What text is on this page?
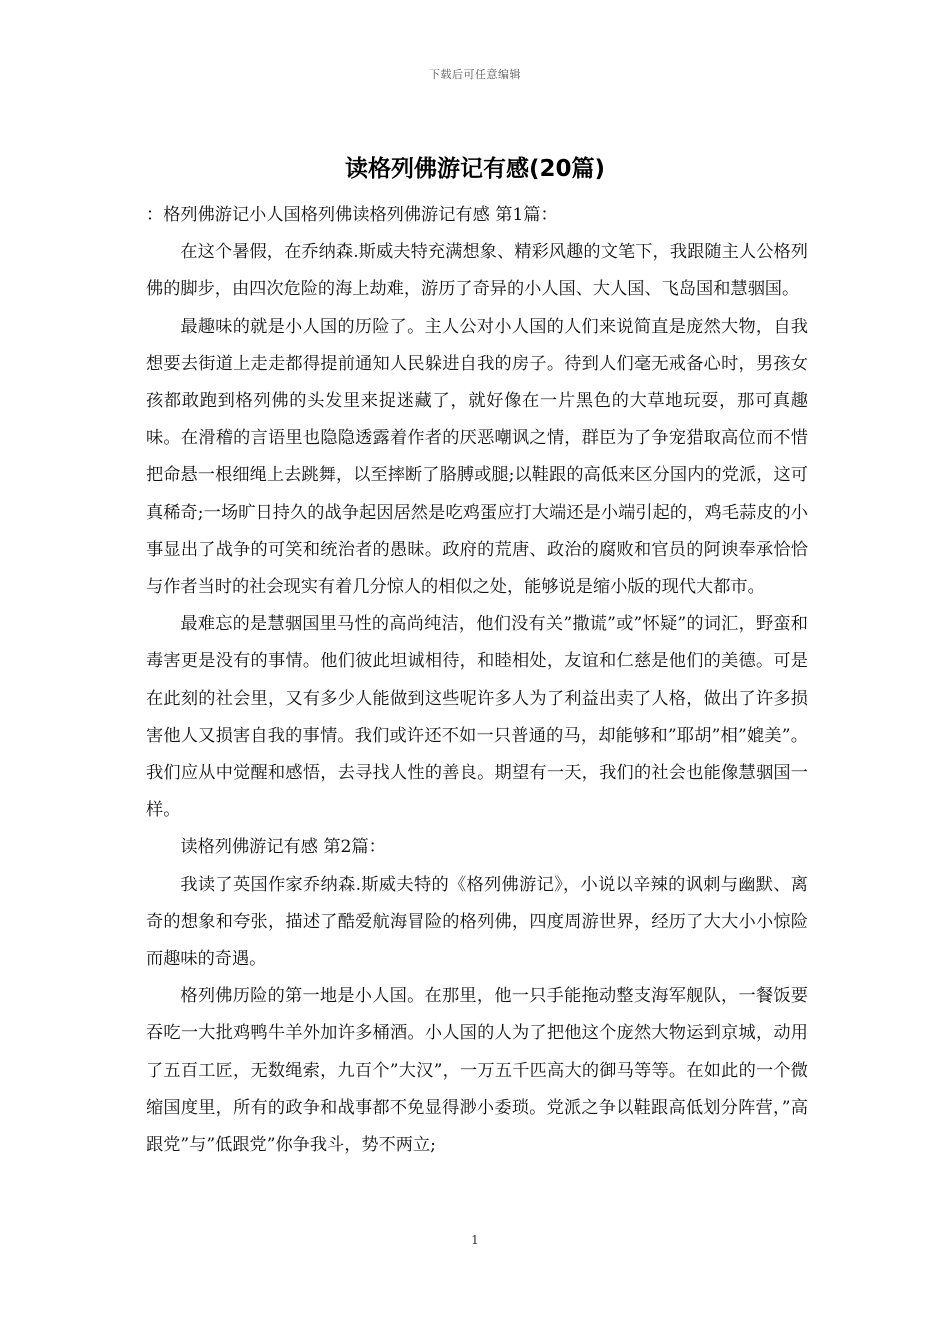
下载后可任意编辑
读格列佛游记有感(20篇)

：格列佛游记小人国格列佛读格列佛游记有感 第1篇：

在这个暑假，在乔纳森.斯威夫特充满想象、精彩风趣的文笔下，我跟随主人公格列佛的脚步，由四次危险的海上劫难，游历了奇异的小人国、大人国、飞岛国和慧骃国。

最趣味的就是小人国的历险了。主人公对小人国的人们来说简直是庞然大物，自我想要去街道上走走都得提前通知人民躲进自我的房子。待到人们毫无戒备心时，男孩女孩都敢跑到格列佛的头发里来捉迷藏了，就好像在一片黑色的大草地玩耍，那可真趣味。在滑稽的言语里也隐隐透露着作者的厌恶嘲讽之情，群臣为了争宠猎取高位而不惜把命悬一根细绳上去跳舞，以至摔断了胳膊或腿;以鞋跟的高低来区分国内的党派，这可真稀奇;一场旷日持久的战争起因居然是吃鸡蛋应打大端还是小端引起的，鸡毛蒜皮的小事显出了战争的可笑和统治者的愚昧。政府的荒唐、政治的腐败和官员的阿谀奉承恰恰与作者当时的社会现实有着几分惊人的相似之处，能够说是缩小版的现代大都市。

最难忘的是慧骃国里马性的高尚纯洁，他们没有关”撒谎”或”怀疑”的词汇，野蛮和毒害更是没有的事情。他们彼此坦诚相待，和睦相处，友谊和仁慈是他们的美德。可是在此刻的社会里，又有多少人能做到这些呢许多人为了利益出卖了人格，做出了许多损害他人又损害自我的事情。我们或许还不如一只普通的马，却能够和”耶胡”相”媲美”。我们应从中觉醒和感悟，去寻找人性的善良。期望有一天，我们的社会也能像慧骃国一样。

读格列佛游记有感 第2篇：

我读了英国作家乔纳森.斯威夫特的《格列佛游记》，小说以辛辣的讽刺与幽默、离奇的想象和夸张，描述了酷爱航海冒险的格列佛，四度周游世界，经历了大大小小惊险而趣味的奇遇。

格列佛历险的第一地是小人国。在那里，他一只手能拖动整支海军舰队，一餐饭要吞吃一大批鸡鸭牛羊外加许多桶酒。小人国的人为了把他这个庞然大物运到京城，动用了五百工匠，无数绳索，九百个”大汉”，一万五千匹高大的御马等等。在如此的一个微缩国度里，所有的政争和战事都不免显得渺小委琐。党派之争以鞋跟高低划分阵营，”高跟党”与”低跟党”你争我斗，势不两立;

1
